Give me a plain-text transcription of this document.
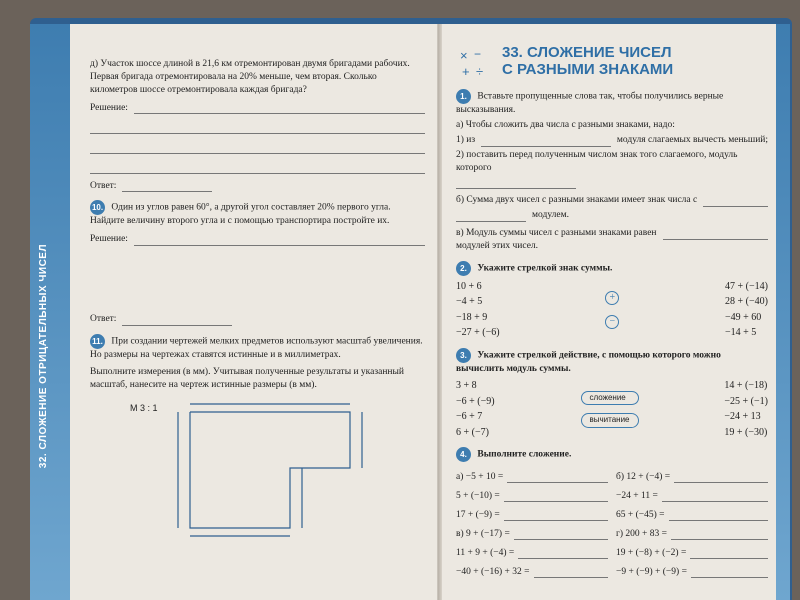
32. СЛОЖЕНИЕ ОТРИЦАТЕЛЬНЫХ ЧИСЕЛ

д) Участок шоссе длиной в 21,6 км отремонтирован двумя бригадами рабочих. Первая бригада отремонтировала на 20% меньше, чем вторая. Сколько километров шоссе отремонтировала каждая бригада?

Решение:
Ответ:
10. Один из углов равен 60°, а другой угол составляет 20% первого угла. Найдите величину второго угла и с помощью транспортира постройте их.
Решение:
Ответ:
11. При создании чертежей мелких предметов используют масштаб увеличения. Но размеры на чертежах ставятся истинные и в миллиметрах.

Выполните измерения (в мм). Учитывая полученные результаты и указанный масштаб, нанесите на чертеж истинные размеры (в мм).

М 3 : 1
× −
+ ÷
33. СЛОЖЕНИЕ ЧИСЕЛ
С РАЗНЫМИ ЗНАКАМИ
1. Вставьте пропущенные слова так, чтобы получились верные высказывания.

а) Чтобы сложить два числа с разными знаками, надо:

1) из	модуля слагаемых вычесть меньший;

2) поставить перед полученным числом знак того слагаемого, модуль которого

б) Сумма двух чисел с разными знаками имеет знак числа с
модулем.
в) Модуль суммы чисел с разными знаками равен

модулей этих чисел.

2. Укажите стрелкой знак суммы.
10 + 6
−4 + 5
−18 + 9
−27 + (−6)
+
−
47 + (−14)
28 + (−40)
−49 + 60
−14 + 5
3. Укажите стрелкой действие, с помощью которого можно вычислить модуль суммы.
3 + 8
−6 + (−9)
−6 + 7
6 + (−7)
сложение
вычитание
14 + (−18)
−25 + (−1)
−24 + 13
19 + (−30)
4. Выполните сложение.
а) −5 + 10 =
5 + (−10) =
17 + (−9) =
в) 9 + (−17) =
11 + 9 + (−4) =
−40 + (−16) + 32 =
б) 12 + (−4) =
−24 + 11 =
65 + (−45) =
г) 200 + 83 =
19 + (−8) + (−2) =
−9 + (−9) + (−9) =
